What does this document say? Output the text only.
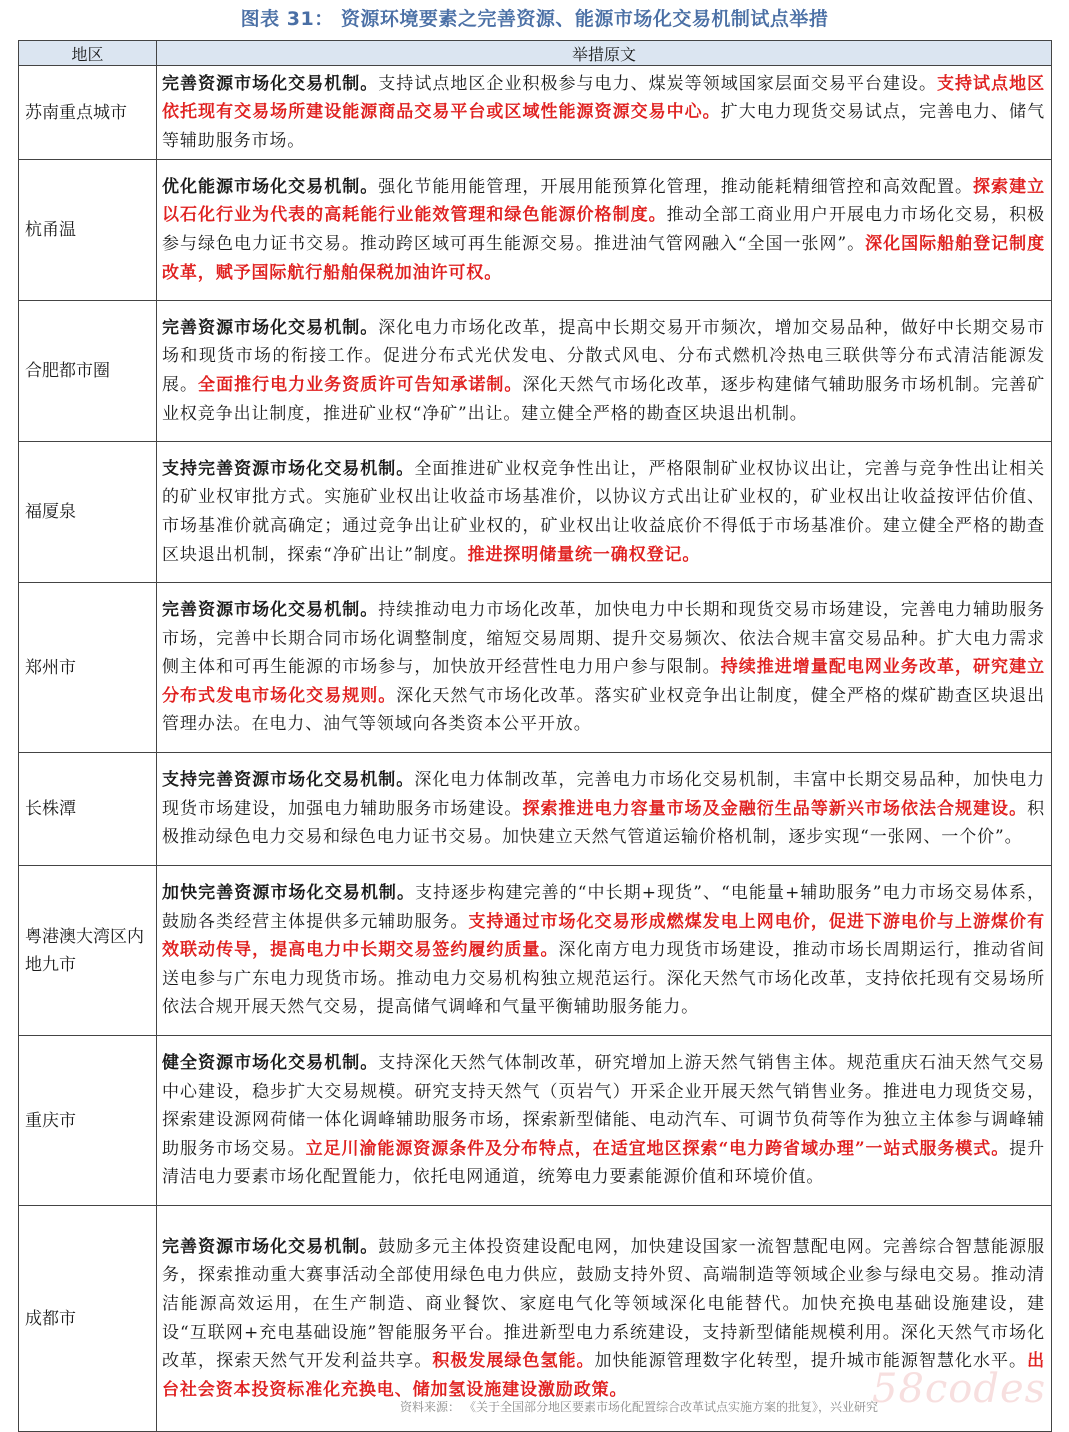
图表 31： 资源环境要素之完善资源、能源市场化交易机制试点举措
地区	举措原文
苏南重点城市	完善资源市场化交易机制。支持试点地区企业积极参与电力、煤炭等领域国家层面交易平台建设。支持试点地区依托现有交易场所建设能源商品交易平台或区域性能源资源交易中心。扩大电力现货交易试点，完善电力、储气等辅助服务市场。
杭甬温	优化能源市场化交易机制。强化节能用能管理，开展用能预算化管理，推动能耗精细管控和高效配置。探索建立以石化行业为代表的高耗能行业能效管理和绿色能源价格制度。推动全部工商业用户开展电力市场化交易，积极参与绿色电力证书交易。推动跨区域可再生能源交易。推进油气管网融入“全国一张网”。深化国际船舶登记制度改革，赋予国际航行船舶保税加油许可权。
合肥都市圈	完善资源市场化交易机制。深化电力市场化改革，提高中长期交易开市频次，增加交易品种，做好中长期交易市场和现货市场的衔接工作。促进分布式光伏发电、分散式风电、分布式燃机冷热电三联供等分布式清洁能源发展。全面推行电力业务资质许可告知承诺制。深化天然气市场化改革，逐步构建储气辅助服务市场机制。完善矿业权竞争出让制度，推进矿业权“净矿”出让。建立健全严格的勘查区块退出机制。
福厦泉	支持完善资源市场化交易机制。全面推进矿业权竞争性出让，严格限制矿业权协议出让，完善与竞争性出让相关的矿业权审批方式。实施矿业权出让收益市场基准价，以协议方式出让矿业权的，矿业权出让收益按评估价值、市场基准价就高确定；通过竞争出让矿业权的，矿业权出让收益底价不得低于市场基准价。建立健全严格的勘查区块退出机制，探索“净矿出让”制度。推进探明储量统一确权登记。
郑州市	完善资源市场化交易机制。持续推动电力市场化改革，加快电力中长期和现货交易市场建设，完善电力辅助服务市场，完善中长期合同市场化调整制度，缩短交易周期、提升交易频次、依法合规丰富交易品种。扩大电力需求侧主体和可再生能源的市场参与，加快放开经营性电力用户参与限制。持续推进增量配电网业务改革，研究建立分布式发电市场化交易规则。深化天然气市场化改革。落实矿业权竞争出让制度，健全严格的煤矿勘查区块退出管理办法。在电力、油气等领域向各类资本公平开放。
长株潭	支持完善资源市场化交易机制。深化电力体制改革，完善电力市场化交易机制，丰富中长期交易品种，加快电力现货市场建设，加强电力辅助服务市场建设。探索推进电力容量市场及金融衍生品等新兴市场依法合规建设。积极推动绿色电力交易和绿色电力证书交易。加快建立天然气管道运输价格机制，逐步实现“一张网、一个价”。
粤港澳大湾区内地九市	加快完善资源市场化交易机制。支持逐步构建完善的“中长期+现货”、“电能量+辅助服务”电力市场交易体系，鼓励各类经营主体提供多元辅助服务。支持通过市场化交易形成燃煤发电上网电价，促进下游电价与上游煤价有效联动传导，提高电力中长期交易签约履约质量。深化南方电力现货市场建设，推动市场长周期运行，推动省间送电参与广东电力现货市场。推动电力交易机构独立规范运行。深化天然气市场化改革，支持依托现有交易场所依法合规开展天然气交易，提高储气调峰和气量平衡辅助服务能力。
重庆市	健全资源市场化交易机制。支持深化天然气体制改革，研究增加上游天然气销售主体。规范重庆石油天然气交易中心建设，稳步扩大交易规模。研究支持天然气（页岩气）开采企业开展天然气销售业务。推进电力现货交易，探索建设源网荷储一体化调峰辅助服务市场，探索新型储能、电动汽车、可调节负荷等作为独立主体参与调峰辅助服务市场交易。立足川渝能源资源条件及分布特点，在适宜地区探索“电力跨省域办理”一站式服务模式。提升清洁电力要素市场化配置能力，依托电网通道，统筹电力要素能源价值和环境价值。
成都市	完善资源市场化交易机制。鼓励多元主体投资建设配电网，加快建设国家一流智慧配电网。完善综合智慧能源服务，探索推动重大赛事活动全部使用绿色电力供应，鼓励支持外贸、高端制造等领域企业参与绿电交易。推动清洁能源高效运用，在生产制造、商业餐饮、家庭电气化等领域深化电能替代。加快充换电基础设施建设，建设“互联网+充电基础设施”智能服务平台。推进新型电力系统建设，支持新型储能规模利用。深化天然气市场化改革，探索天然气开发利益共享。积极发展绿色氢能。加快能源管理数字化转型，提升城市能源智慧化水平。出台社会资本投资标准化充换电、储加氢设施建设激励政策。	58codes
资料来源： 《关于全国部分地区要素市场化配置综合改革试点实施方案的批复》，兴业研究
